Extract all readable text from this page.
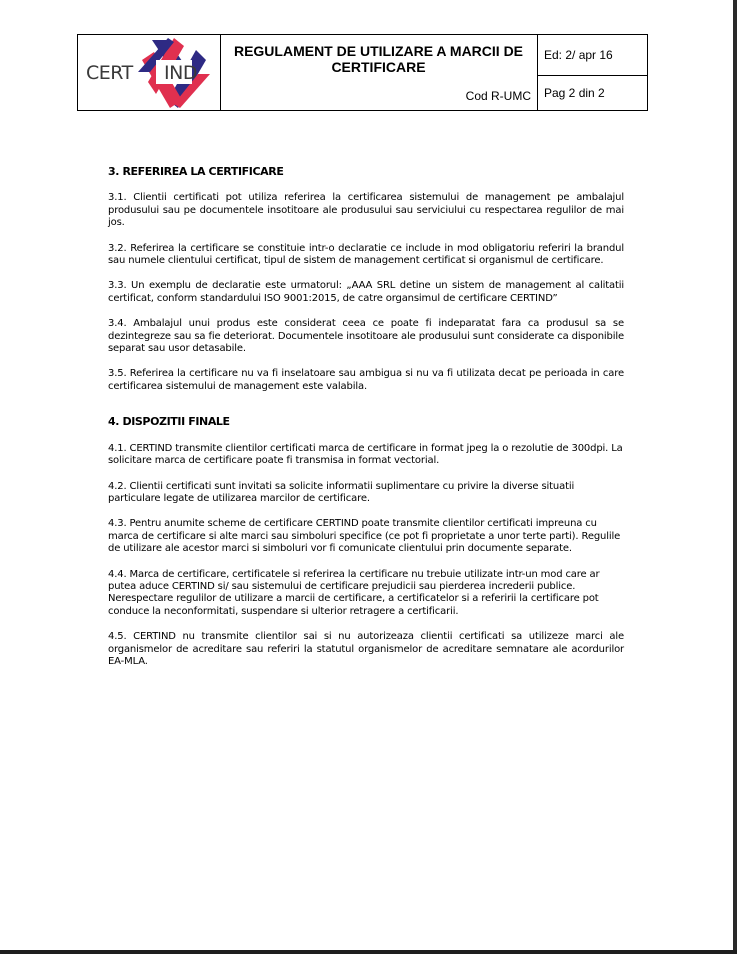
CERT IND
REGULAMENT DE UTILIZARE A MARCII DE CERTIFICARE
Cod R-UMC
Ed: 2/ apr 16
Pag 2 din 2
3. REFERIREA LA CERTIFICARE

3.1. Clientii certificati pot utiliza referirea la certificarea sistemului de management pe ambalajul produsului sau pe documentele insotitoare ale produsului sau serviciului cu respectarea regulilor de mai jos.

3.2. Referirea la certificare se constituie intr-o declaratie ce include in mod obligatoriu referiri la brandul sau numele clientului certificat, tipul de sistem de management certificat si organismul de certificare.

3.3. Un exemplu de declaratie este urmatorul: „AAA SRL detine un sistem de management al calitatii certificat, conform standardului ISO 9001:2015, de catre organsimul de certificare CERTIND”

3.4. Ambalajul unui produs este considerat ceea ce poate fi indeparatat fara ca produsul sa se dezintegreze sau sa fie deteriorat. Documentele insotitoare ale produsului sunt considerate ca disponibile separat sau usor detasabile.

3.5. Referirea la certificare nu va fi inselatoare sau ambigua si nu va fi utilizata decat pe perioada in care certificarea sistemului de management este valabila.

4. DISPOZITII FINALE

4.1. CERTIND transmite clientilor certificati marca de certificare in format jpeg la o rezolutie de 300dpi. La solicitare marca de certificare poate fi transmisa in format vectorial.

4.2. Clientii certificati sunt invitati sa solicite informatii suplimentare cu privire la diverse situatii particulare legate de utilizarea marcilor de certificare.

4.3. Pentru anumite scheme de certificare CERTIND poate transmite clientilor certificati impreuna cu marca de certificare si alte marci sau simboluri specifice (ce pot fi proprietate a unor terte parti). Regulile de utilizare ale acestor marci si simboluri vor fi comunicate clientului prin documente separate.

4.4. Marca de certificare, certificatele si referirea la certificare nu trebuie utilizate intr-un mod care ar putea aduce CERTIND si/ sau sistemului de certificare prejudicii sau pierderea increderii publice. Nerespectare regulilor de utilizare a marcii de certificare, a certificatelor si a referirii la certificare pot conduce la neconformitati, suspendare si ulterior retragere a certificarii.

4.5. CERTIND nu transmite clientilor sai si nu autorizeaza clientii certificati sa utilizeze marci ale organismelor de acreditare sau referiri la statutul organismelor de acreditare semnatare ale acordurilor EA-MLA.
